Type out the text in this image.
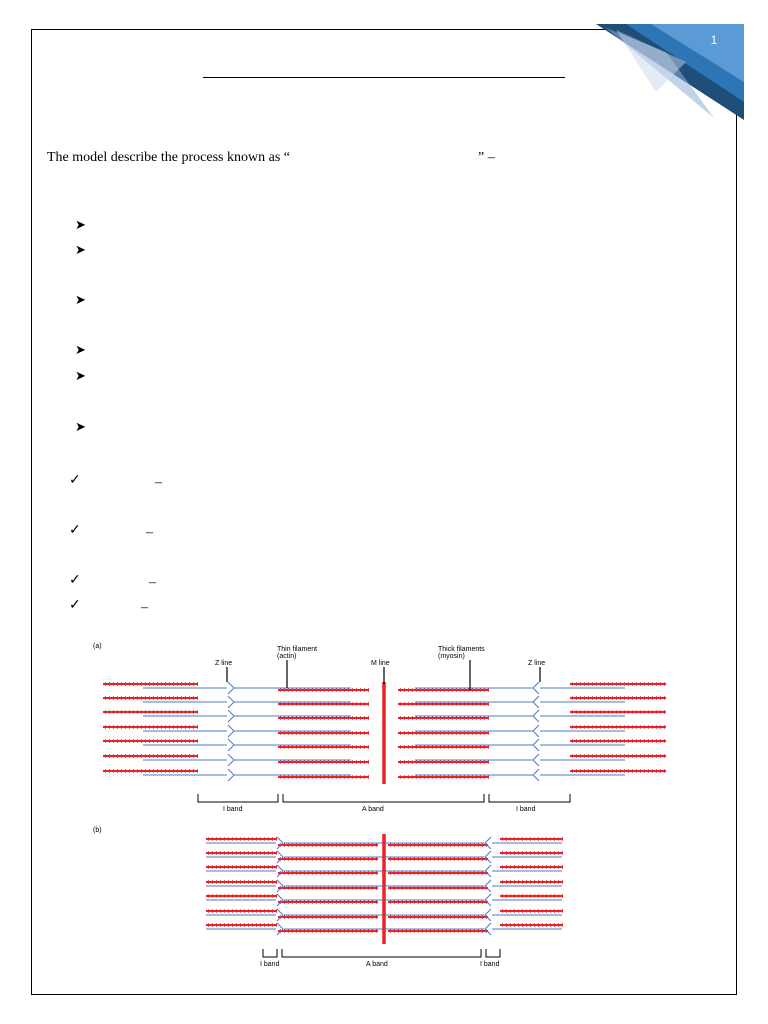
1
The model describe the process known as “	” –
➤
➤
➤
➤
➤
➤
✓	–
✓	–
✓	–
✓	–
(a)
Z line
Thin filament
(actin)
M line
Thick filaments
(myosin)
Z line
I band	A band	I band
(b)
I band	A band	I band
